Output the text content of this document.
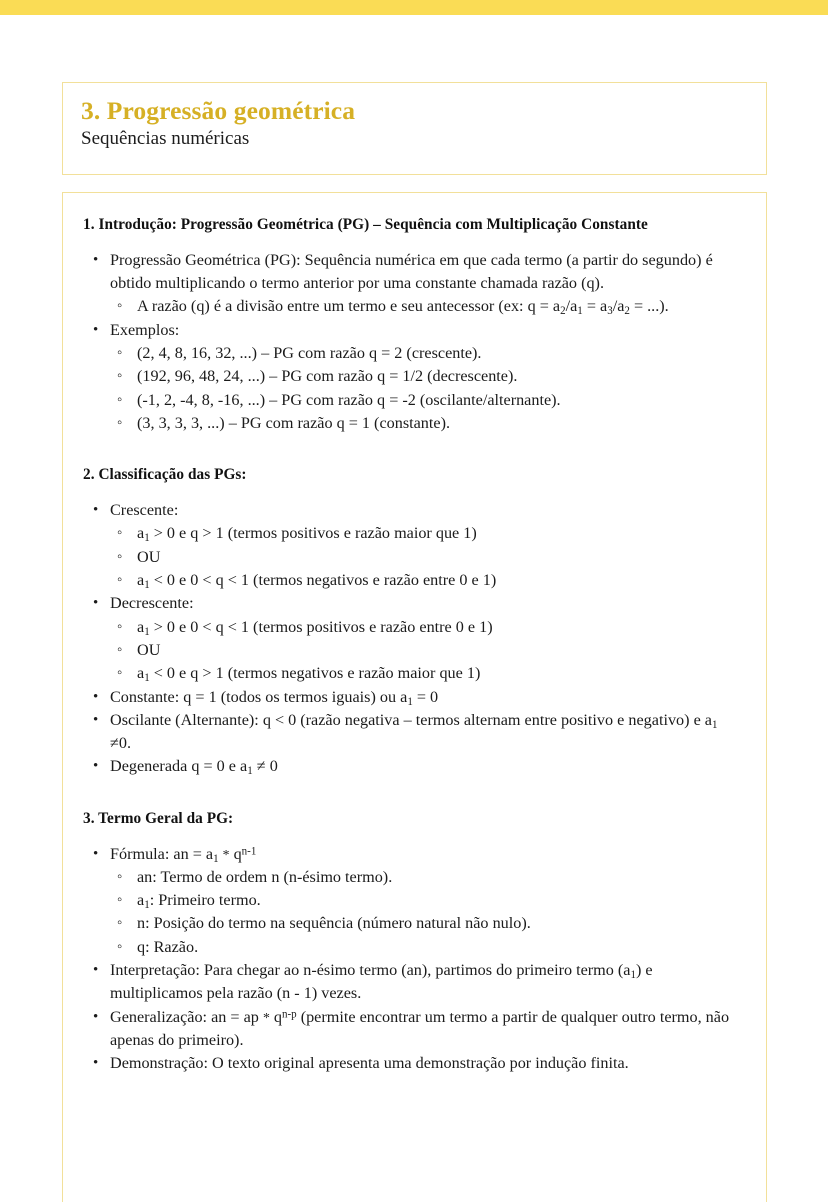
3. Progressão geométrica
Sequências numéricas
1. Introdução: Progressão Geométrica (PG) – Sequência com Multiplicação Constante
• Progressão Geométrica (PG): Sequência numérica em que cada termo (a partir do segundo) é obtido multiplicando o termo anterior por uma constante chamada razão (q).
◦ A razão (q) é a divisão entre um termo e seu antecessor (ex: $q = a_2/a_1 = a_3/a_2$ = ...).
• Exemplos:
◦ (2, 4, 8, 16, 32, ...) – PG com razão q = 2 (crescente).
◦ (192, 96, 48, 24, ...) – PG com razão q = 1/2 (decrescente).
◦ (-1, 2, -4, 8, -16, ...) – PG com razão q = -2 (oscilante/alternante).
◦ (3, 3, 3, 3, ...) – PG com razão q = 1 (constante).
2. Classificação das PGs:
• Crescente:
◦ $a_1 > 0$ e q > 1 (termos positivos e razão maior que 1)
◦ OU
◦ $a_1 < 0$ e 0 < q < 1 (termos negativos e razão entre 0 e 1)
• Decrescente:
◦ $a_1 > 0$ e 0 < q < 1 (termos positivos e razão entre 0 e 1)
◦ OU
◦ $a_1 < 0$ e q > 1 (termos negativos e razão maior que 1)
• Constante: q = 1 (todos os termos iguais) ou $a_1 = 0$
• Oscilante (Alternante): q < 0 (razão negativa – termos alternam entre positivo e negativo) e $a_1 \ne 0$.
• Degenerada q = 0 e $a_1 \ne 0$
3. Termo Geral da PG:
• Fórmula: an = $a_1 * q^{n-1}$
◦ an: Termo de ordem n (n-ésimo termo).
◦ $a_1$: Primeiro termo.
◦ n: Posição do termo na sequência (número natural não nulo).
◦ q: Razão.
• Interpretação: Para chegar ao n-ésimo termo (an), partimos do primeiro termo $(a_1)$ e multiplicamos pela razão (n - 1) vezes.
• Generalização: an = ap * $q^{n-p}$ (permite encontrar um termo a partir de qualquer outro termo, não apenas do primeiro).
• Demonstração: O texto original apresenta uma demonstração por indução finita.
